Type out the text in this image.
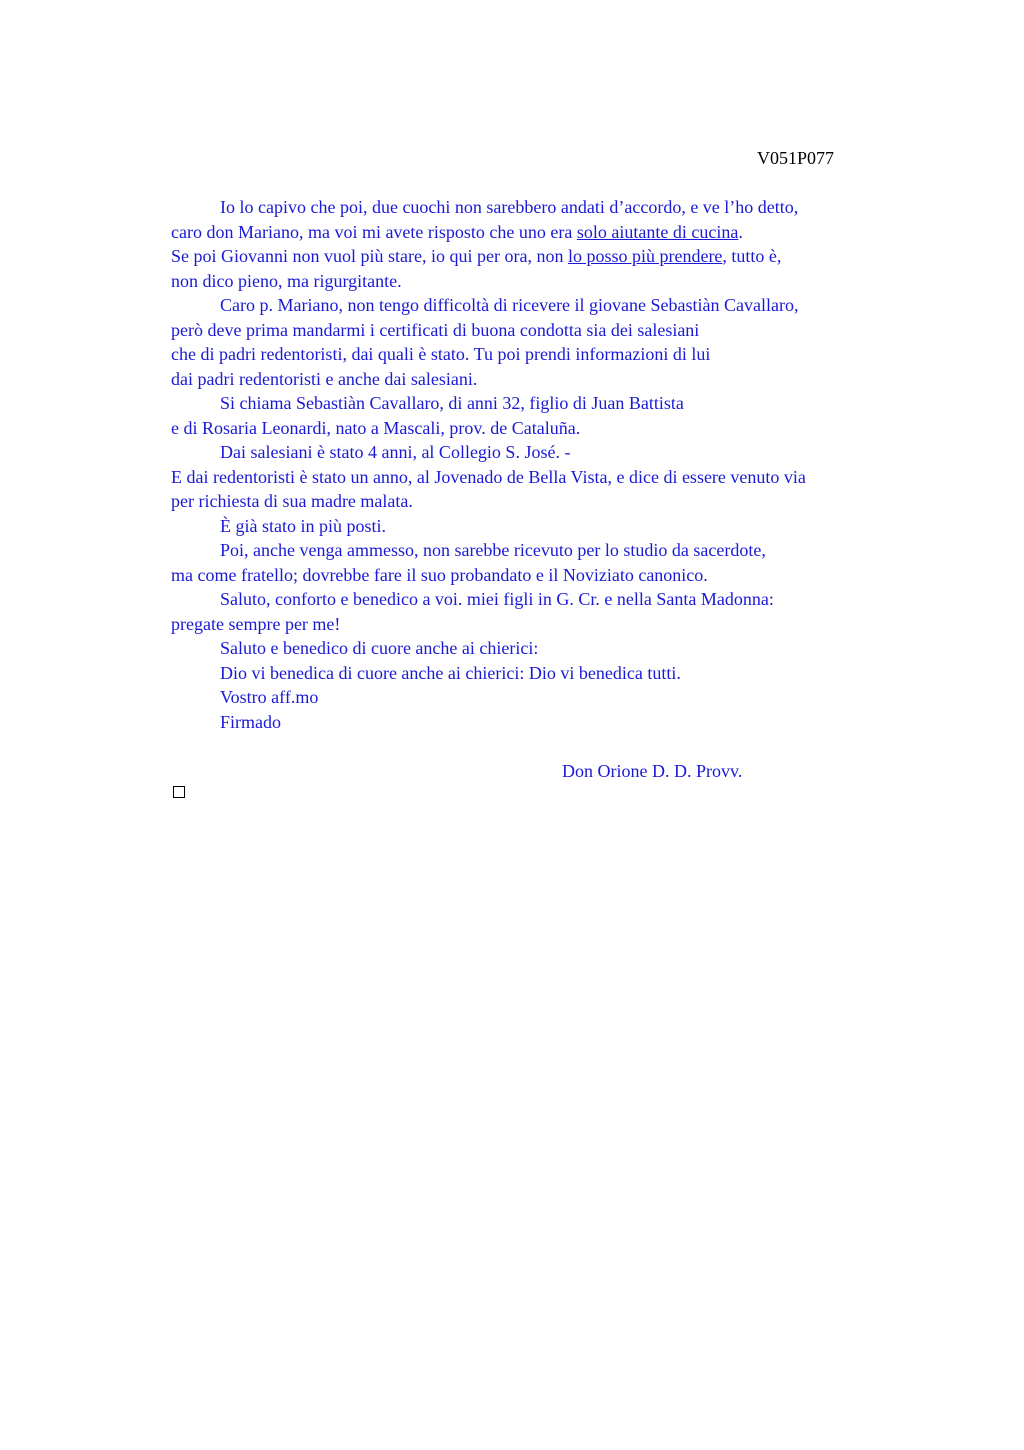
V051P077
Io lo capivo che poi, due cuochi non sarebbero andati d’accordo, e ve l’ho detto,
caro don Mariano, ma voi mi avete risposto che uno era solo aiutante di cucina.
Se poi Giovanni non vuol più stare, io qui per ora, non lo posso più prendere, tutto è,
non dico pieno, ma rigurgitante.
Caro p. Mariano, non tengo difficoltà di ricevere il giovane Sebastiàn Cavallaro,
però deve prima mandarmi i certificati di buona condotta sia dei salesiani
che di padri redentoristi, dai quali è stato. Tu poi prendi informazioni di lui
dai padri redentoristi e anche dai salesiani.
Si chiama Sebastiàn Cavallaro, di anni 32, figlio di Juan Battista
e di Rosaria Leonardi, nato a Mascali, prov. de Cataluña.
Dai salesiani è stato 4 anni, al Collegio S. José. -
E dai redentoristi è stato un anno, al Jovenado de Bella Vista, e dice di essere venuto via
per richiesta di sua madre malata.
È già stato in più posti.
Poi, anche venga ammesso, non sarebbe ricevuto per lo studio da sacerdote,
ma come fratello; dovrebbe fare il suo probandato e il Noviziato canonico.
Saluto, conforto e benedico a voi. miei figli in G. Cr. e nella Santa Madonna:
pregate sempre per me!
Saluto e benedico di cuore anche ai chierici:
Dio vi benedica di cuore anche ai chierici: Dio vi benedica tutti.
Vostro aff.mo
Firmado
Don Orione D. D. Provv.
